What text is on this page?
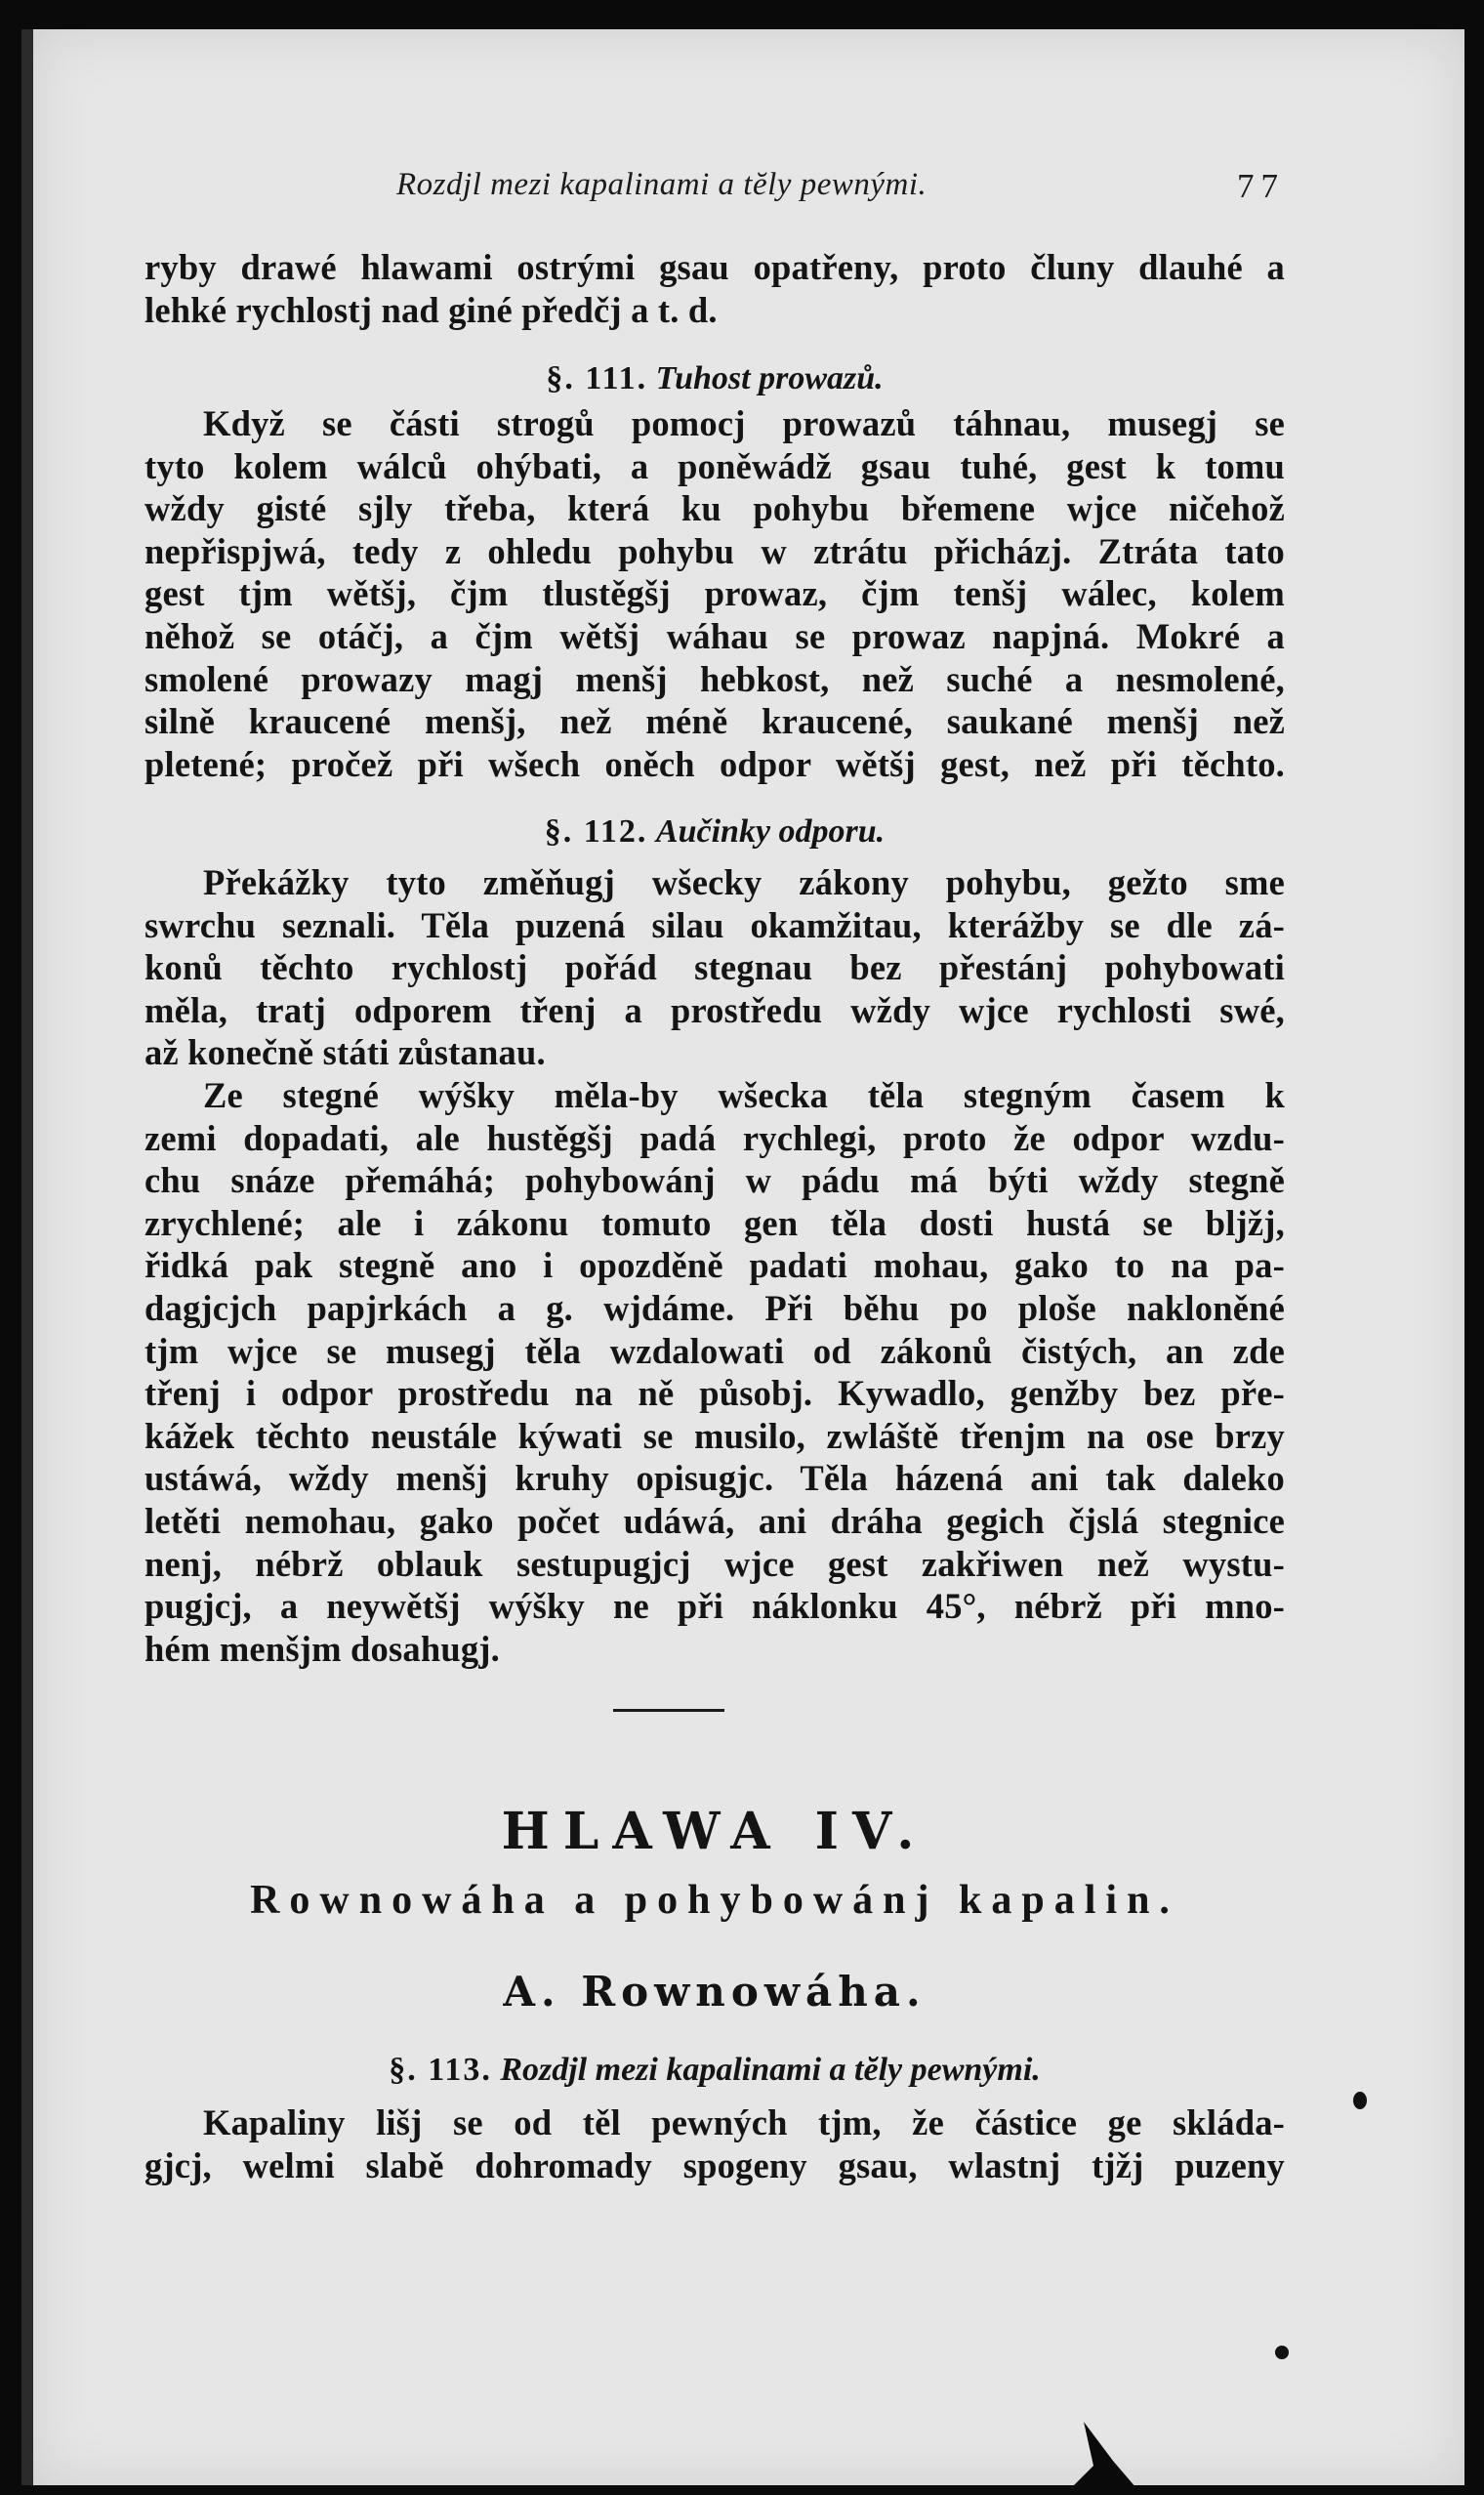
Rozdjl mezi kapalinami a tĕly pewnými.	77

ryby drawé hlawami ostrými gsau opatřeny, proto čluny dlauhé a
lehké rychlostj nad giné předčj a t. d.

§. 111. Tuhost prowazů.

Když se části strogů pomocj prowazů táhnau, musegj se
tyto kolem wálců ohýbati, a poněwádž gsau tuhé, gest k tomu
wždy gisté sjly třeba, která ku pohybu břemene wjce ničehož
nepřispjwá, tedy z ohledu pohybu w ztrátu přicházj. Ztráta tato
gest tjm wětšj, čjm tlustěgšj prowaz, čjm tenšj wálec, kolem
něhož se otáčj, a čjm wětšj wáhau se prowaz napjná. Mokré a
smolené prowazy magj menšj hebkost, než suché a nesmolené,
silně kraucené menšj, než méně kraucené, saukané menšj než
pletené; pročež při wšech oněch odpor wětšj gest, než při těchto.

§. 112. Aučinky odporu.

Překážky tyto změňugj wšecky zákony pohybu, gežto sme
swrchu seznali. Těla puzená silau okamžitau, kterážby se dle zá-
konů těchto rychlostj pořád stegnau bez přestánj pohybowati
měla, tratj odporem třenj a prostředu wždy wjce rychlosti swé,
až konečně státi zůstanau.

Ze stegné wýšky měla-by wšecka těla stegným časem k
zemi dopadati, ale hustěgšj padá rychlegi, proto že odpor wzdu-
chu snáze přemáhá; pohybowánj w pádu má býti wždy stegně
zrychlené; ale i zákonu tomuto gen těla dosti hustá se blјžj,
řidká pak stegně ano i opozděně padati mohau, gako to na pa-
dagjcjch papjrkách a g. wjdáme. Při běhu po ploše nakloněné
tjm wjce se musegj těla wzdalowati od zákonů čistých, an zde
třenj i odpor prostředu na ně působj. Kywadlo, genžby bez pře-
kážek těchto neustále kýwati se musilo, zwláště třenjm na ose brzy
ustáwá, wždy menšj kruhy opisugjc. Těla házená ani tak daleko
letěti nemohau, gako počet udáwá, ani dráha gegich čjslá stegnice
nenj, nébrž oblauk sestupugjcj wjce gest zakřiwen než wystu-
pugjcj, a neywětšj wýšky ne při náklonku 45°, nébrž při mno-
hém menšjm dosahugj.

HLAWA IV.
Rownowáha a pohybowánj kapalin.
A. Rownowáha.

§. 113. Rozdjl mezi kapalinami a tĕly pewnými.

Kapaliny lišj se od těl pewných tjm, že částice ge skláda-
gjcj, welmi slabě dohromady spogeny gsau, wlastnj tjžj puzeny
